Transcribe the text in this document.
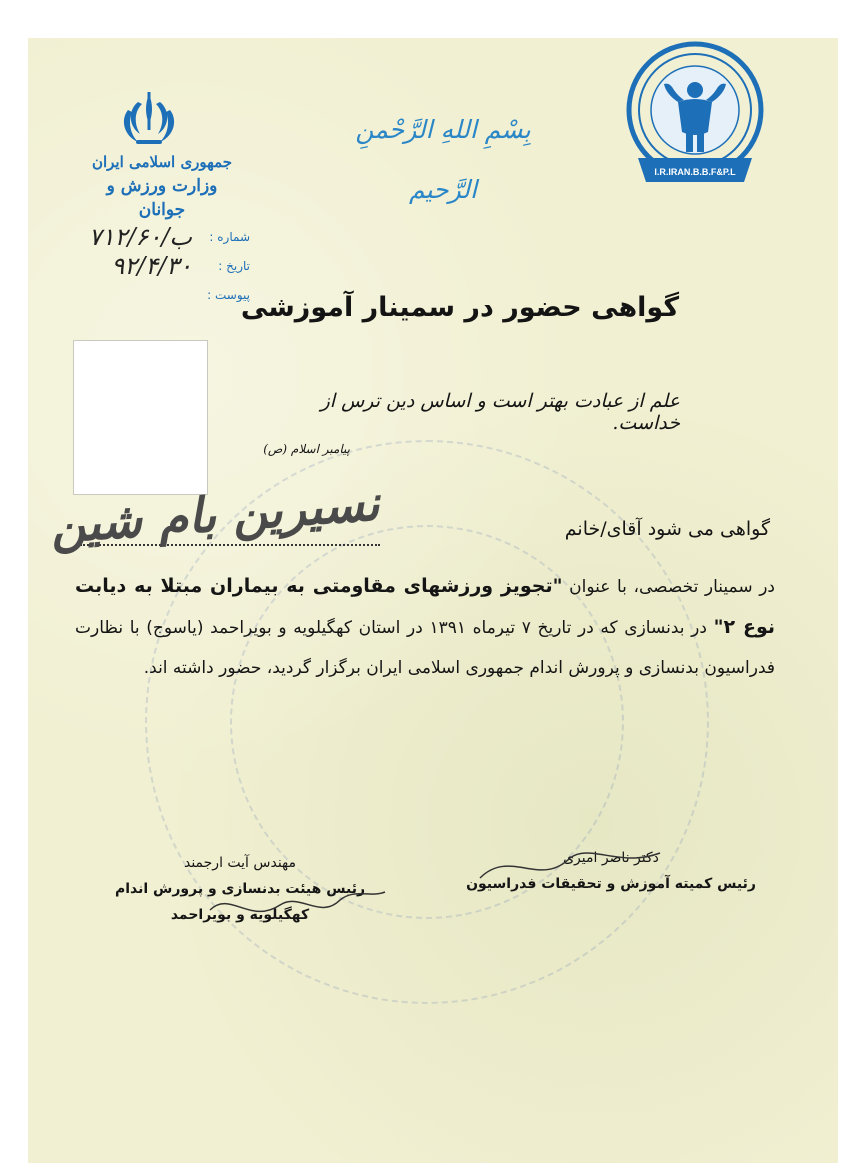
جمهوری اسلامی ایران
وزارت ورزش و جوانان
شماره :
۷۱۲/ب/۶۰
تاریخ :
۹۲/۴/۳۰
پیوست :
بِسْمِ اللهِ الرَّحْمنِ الرَّحيم
I.R.IRAN.B.B.F&P.L
گواهی حضور در سمینار آموزشی
علم از عبادت بهتر است و اساس دین ترس از خداست.
پیامبر اسلام (ص)
گواهی می شود آقای/خانم
نسیرین بام شین
در سمینار تخصصی، با عنوان "تجویز ورزشهای مقاومتی به بیماران مبتلا به دیابت نوع ۲" در بدنسازی که در تاریخ ۷ تیرماه ۱۳۹۱ در استان کهگیلویه و بویراحمد (یاسوج) با نظارت فدراسیون بدنسازی و پرورش اندام جمهوری اسلامی ایران برگزار گردید، حضور داشته اند.
دکتر ناصر امیری
رئیس کمیته آموزش و تحقیقات فدراسیون
مهندس آیت ارجمند
رئیس هیئت بدنسازی و پرورش اندام
کهگیلویه و بویراحمد
